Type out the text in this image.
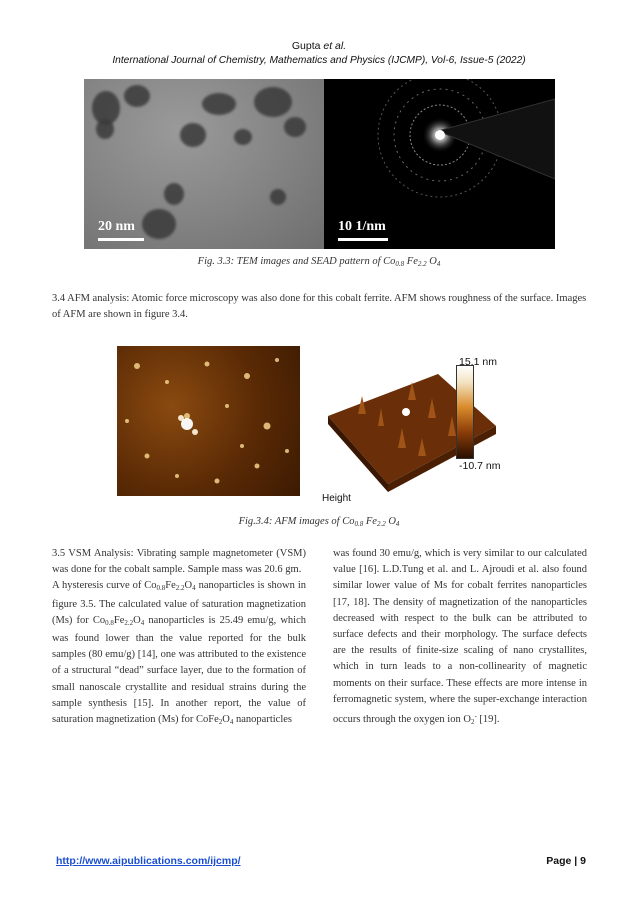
Gupta et al.
International Journal of Chemistry, Mathematics and Physics (IJCMP), Vol-6, Issue-5 (2022)
20 nm	10 1/nm
Fig. 3.3: TEM images and SEAD pattern of $Co_{0.8}$ $Fe_{2.2}$ $O_4$
3.4 AFM analysis: Atomic force microscopy was also done for this cobalt ferrite. AFM shows roughness of the surface. Images of AFM are shown in figure 3.4.
15.1 nm
-10.7 nm
Height
Fig.3.4: AFM images of $Co_{0.8}$ $Fe_{2.2}$ $O_4$

3.5 VSM Analysis: Vibrating sample magnetometer (VSM) was done for the cobalt sample. Sample mass was 20.6 gm.

A hysteresis curve of $Co_{0.8}Fe_{2.2}O_4$ nanoparticles is shown in figure 3.5. The calculated value of saturation magnetization (Ms) for $Co_{0.8}Fe_{2.2}O_4$ nanoparticles is 25.49 emu/g, which was found lower than the value reported for the bulk samples (80 emu/g) [14], one was attributed to the existence of a structural “dead” surface layer, due to the formation of small nanoscale crystallite and residual strains during the sample synthesis [15]. In another report, the value of saturation magnetization (Ms) for $CoFe_2O_4$ nanoparticles

was found 30 emu/g, which is very similar to our calculated value [16]. L.D.Tung et al. and L. Ajroudi et al. also found similar lower value of Ms for cobalt ferrites nanoparticles [17, 18]. The density of magnetization of the nanoparticles decreased with respect to the bulk can be attributed to surface defects and their morphology. The surface defects are the results of finite-size scaling of nano crystallites, which in turn leads to a non-collinearity of magnetic moments on their surface. These effects are more intense in ferromagnetic system, where the super-exchange interaction occurs through the oxygen ion $O_2^-$ [19].

http://www.aipublications.com/ijcmp/	Page | 9
